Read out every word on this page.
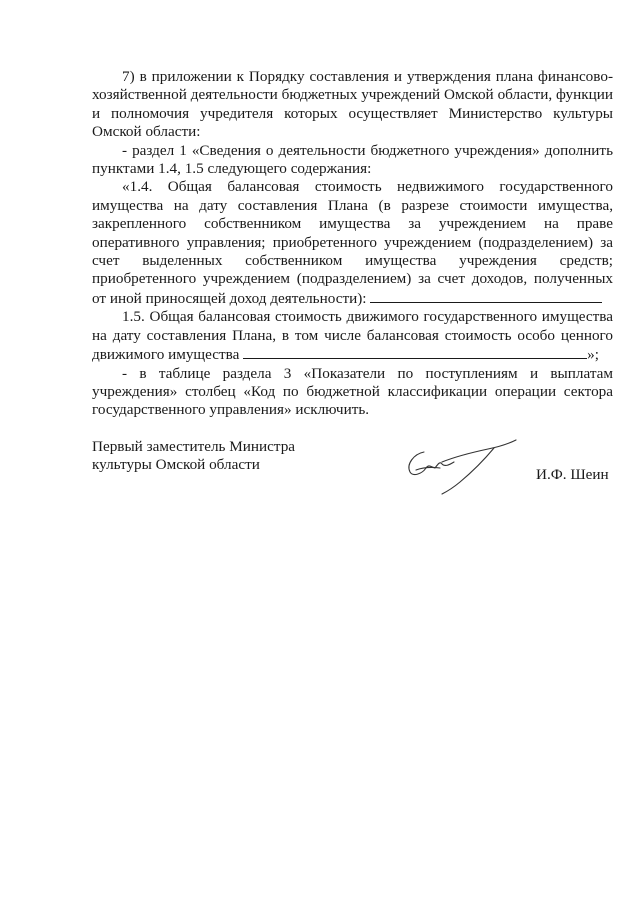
7) в приложении к Порядку составления и утверждения плана финансово-хозяйственной деятельности бюджетных учреждений Омской области, функции и полномочия учредителя которых осуществляет Министерство культуры Омской области:

- раздел 1 «Сведения о деятельности бюджетного учреждения» дополнить пунктами 1.4, 1.5 следующего содержания:

«1.4. Общая балансовая стоимость недвижимого государственного имущества на дату составления Плана (в разрезе стоимости имущества, закрепленного собственником имущества за учреждением на праве оперативного управления; приобретенного учреждением (подразделением) за счет выделенных собственником имущества учреждения средств; приобретенного учреждением (подразделением) за счет доходов, полученных от иной приносящей доход деятельности):

1.5. Общая балансовая стоимость движимого государственного имущества на дату составления Плана, в том числе балансовая стоимость особо ценного движимого имущества	»;

- в таблице раздела 3 «Показатели по поступлениям и выплатам учреждения» столбец «Код по бюджетной классификации операции сектора государственного управления» исключить.

Первый заместитель Министра
культуры Омской области
И.Ф. Шеин
